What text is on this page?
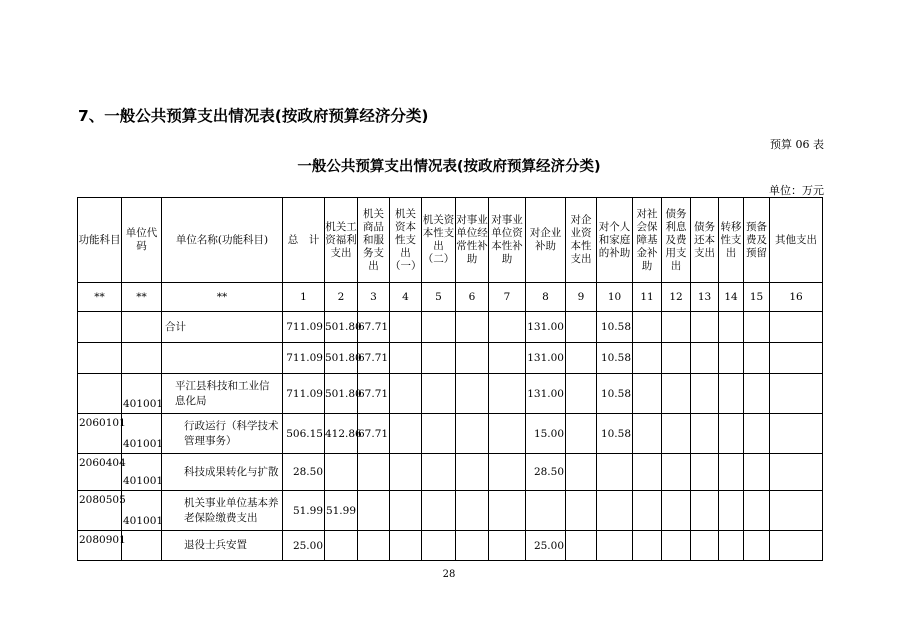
7、一般公共预算支出情况表(按政府预算经济分类)
预算 06 表
一般公共预算支出情况表(按政府预算经济分类)
单位：万元
功能科目	单位代码	单位名称(功能科目)	总　计	机关工资福利支出	机关商品和服务支出	机关资本性支出（一）	机关资本性支出（二）	对事业单位经常性补助	对事业单位资本性补助	对企业补助	对企业资本性支出	对个人和家庭的补助	对社会保障基金补助	债务利息及费用支出	债务还本支出	转移性支出	预备费及预留	其他支出
**	**	**	1	2	3	4	5	6	7	8	9	10	11	12	13	14	15	16
		合计	711.09	501.80	67.71					131.00		10.58						
			711.09	501.80	67.71					131.00		10.58						
	401001	平江县科技和工业信息化局	711.09	501.80	67.71					131.00		10.58						
2060101	401001	行政运行（科学技术管理事务）	506.15	412.86	67.71					15.00		10.58						
2060404	401001	科技成果转化与扩散	28.50							28.50								
2080505	401001	机关事业单位基本养老保险缴费支出	51.99	51.99														
2080901		退役士兵安置	25.00							25.00								
28
